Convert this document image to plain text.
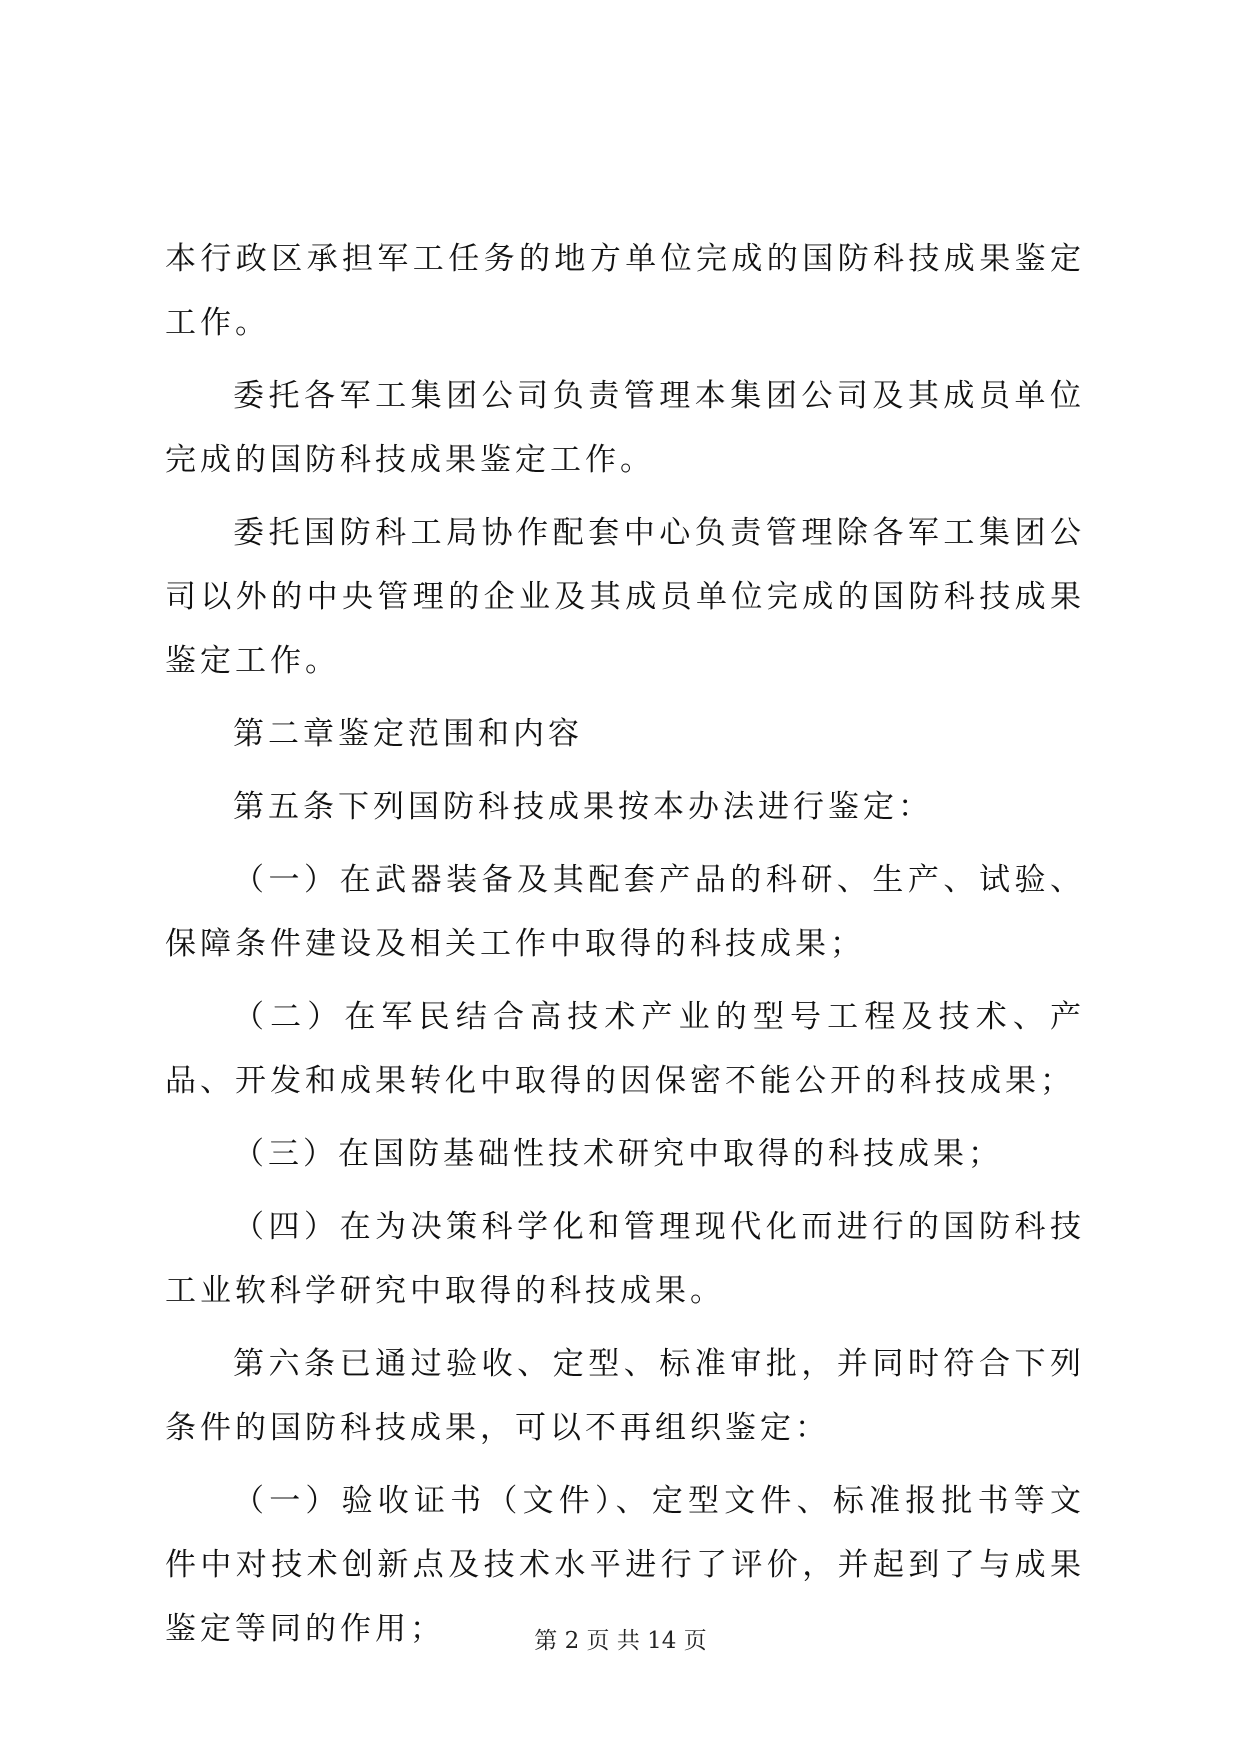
本行政区承担军工任务的地方单位完成的国防科技成果鉴定工作。

委托各军工集团公司负责管理本集团公司及其成员单位完成的国防科技成果鉴定工作。

委托国防科工局协作配套中心负责管理除各军工集团公司以外的中央管理的企业及其成员单位完成的国防科技成果鉴定工作。

第二章鉴定范围和内容

第五条下列国防科技成果按本办法进行鉴定：

（一）在武器装备及其配套产品的科研、生产、试验、保障条件建设及相关工作中取得的科技成果；

（二）在军民结合高技术产业的型号工程及技术、产品、开发和成果转化中取得的因保密不能公开的科技成果；

（三）在国防基础性技术研究中取得的科技成果；

（四）在为决策科学化和管理现代化而进行的国防科技工业软科学研究中取得的科技成果。

第六条已通过验收、定型、标准审批，并同时符合下列条件的国防科技成果，可以不再组织鉴定：

（一）验收证书（文件）、定型文件、标准报批书等文件中对技术创新点及技术水平进行了评价，并起到了与成果鉴定等同的作用；	第 2 页 共 14 页
